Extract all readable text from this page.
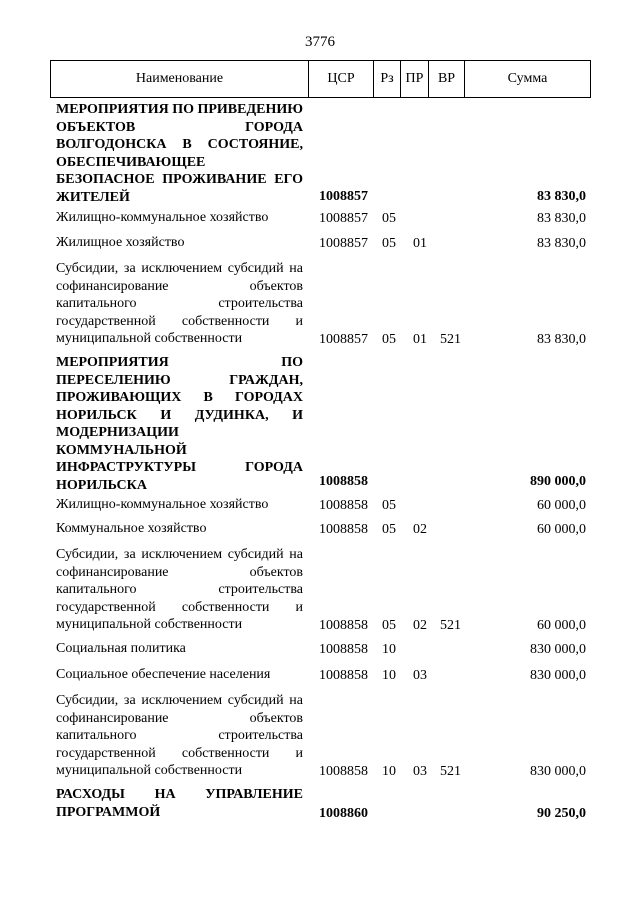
3776
Наименование	ЦСР	Рз ПР	ВР	Сумма
МЕРОПРИЯТИЯ ПО ПРИВЕДЕНИЮ ОБЪЕКТОВ ГОРОДА ВОЛГОДОНСКА В СОСТОЯНИЕ, ОБЕСПЕЧИВАЮЩЕЕ БЕЗОПАСНОЕ ПРОЖИВАНИЕ ЕГО ЖИТЕЛЕЙ	1008857	83 830,0
Жилищно-коммунальное хозяйство	1008857 05	83 830,0
Жилищное хозяйство	1008857 05 01	83 830,0
Субсидии, за исключением субсидий на софинансирование объектов капитального строительства государственной собственности и муниципальной собственности	1008857 05 01 521	83 830,0
МЕРОПРИЯТИЯ ПО ПЕРЕСЕЛЕНИЮ ГРАЖДАН, ПРОЖИВАЮЩИХ В ГОРОДАХ НОРИЛЬСК И ДУДИНКА, И МОДЕРНИЗАЦИИ КОММУНАЛЬНОЙ ИНФРАСТРУКТУРЫ ГОРОДА НОРИЛЬСКА	1008858	890 000,0
Жилищно-коммунальное хозяйство	1008858 05	60 000,0
Коммунальное хозяйство	1008858 05 02	60 000,0
Субсидии, за исключением субсидий на софинансирование объектов капитального строительства государственной собственности и муниципальной собственности	1008858 05 02 521	60 000,0
Социальная политика	1008858 10	830 000,0
Социальное обеспечение населения	1008858 10 03	830 000,0
Субсидии, за исключением субсидий на софинансирование объектов капитального строительства государственной собственности и муниципальной собственности	1008858 10 03 521	830 000,0
РАСХОДЫ НА УПРАВЛЕНИЕ ПРОГРАММОЙ	1008860	90 250,0
